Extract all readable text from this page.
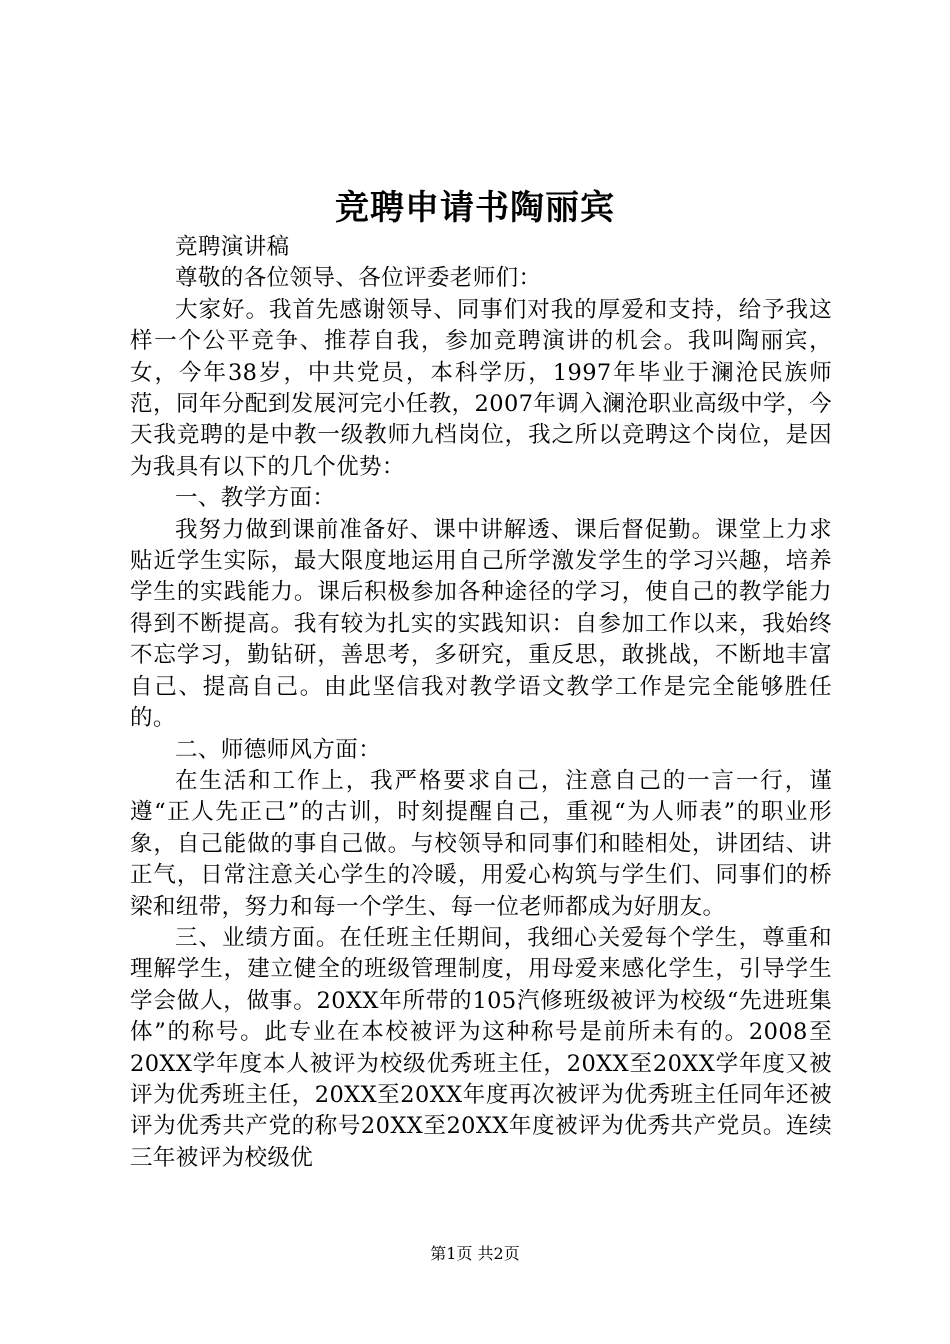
竞聘申请书陶丽宾

竞聘演讲稿

尊敬的各位领导、各位评委老师们：

大家好。我首先感谢领导、同事们对我的厚爱和支持，给予我这样一个公平竞争、推荐自我，参加竞聘演讲的机会。我叫陶丽宾，女，今年38岁，中共党员，本科学历，1997年毕业于澜沧民族师范，同年分配到发展河完小任教，2007年调入澜沧职业高级中学，今天我竞聘的是中教一级教师九档岗位，我之所以竞聘这个岗位，是因为我具有以下的几个优势：

一、教学方面：

我努力做到课前准备好、课中讲解透、课后督促勤。课堂上力求贴近学生实际，最大限度地运用自己所学激发学生的学习兴趣，培养学生的实践能力。课后积极参加各种途径的学习，使自己的教学能力得到不断提高。我有较为扎实的实践知识：自参加工作以来，我始终不忘学习，勤钻研，善思考，多研究，重反思，敢挑战，不断地丰富自己、提高自己。由此坚信我对教学语文教学工作是完全能够胜任的。

二、师德师风方面：

在生活和工作上，我严格要求自己，注意自己的一言一行，谨遵“正人先正己”的古训，时刻提醒自己，重视“为人师表”的职业形象，自己能做的事自己做。与校领导和同事们和睦相处，讲团结、讲正气，日常注意关心学生的冷暖，用爱心构筑与学生们、同事们的桥梁和纽带，努力和每一个学生、每一位老师都成为好朋友。

三、业绩方面。在任班主任期间，我细心关爱每个学生，尊重和理解学生，建立健全的班级管理制度，用母爱来感化学生，引导学生学会做人，做事。20XX年所带的105汽修班级被评为校级“先进班集体”的称号。此专业在本校被评为这种称号是前所未有的。2008至20XX学年度本人被评为校级优秀班主任，20XX至20XX学年度又被评为优秀班主任，20XX至20XX年度再次被评为优秀班主任同年还被评为优秀共产党的称号20XX至20XX年度被评为优秀共产党员。连续三年被评为校级优

第1页 共2页
